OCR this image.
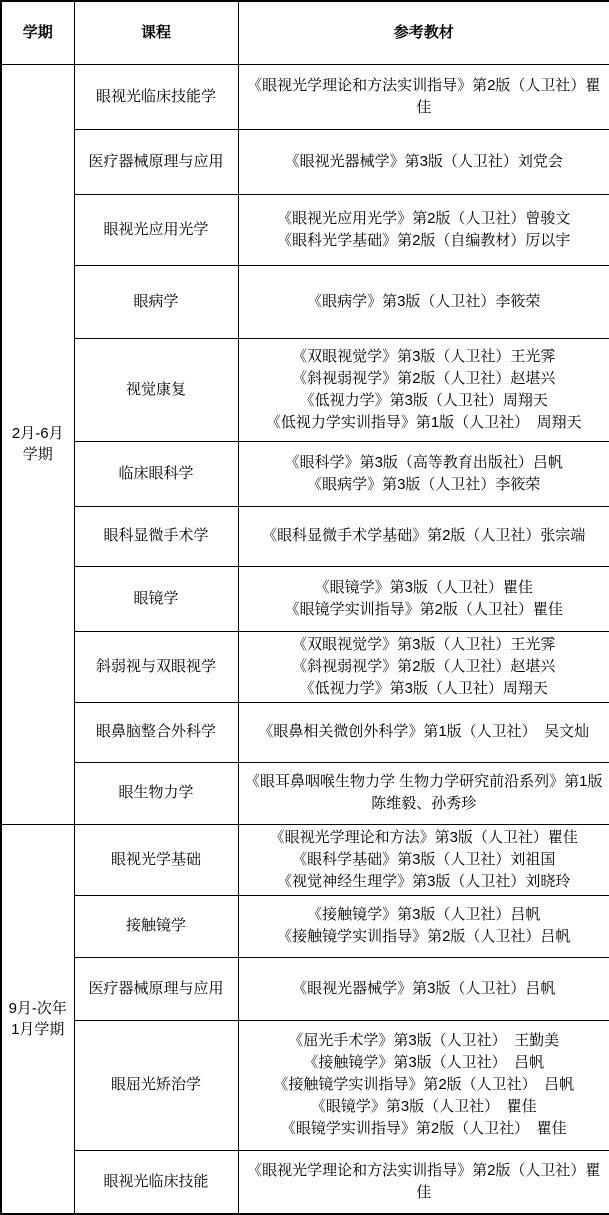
学期	课程	参考教材

2月-6月
学期	眼视光临床技能学	《眼视光学理论和方法实训指导》第2版（人卫社）瞿佳

	医疗器械原理与应用	《眼视光器械学》第3版（人卫社）刘党会

	眼视光应用光学	《眼视光应用光学》第2版（人卫社）曾骏文
《眼科光学基础》第2版（自编教材）厉以宇

	眼病学	《眼病学》第3版（人卫社）李筱荣

	视觉康复	《双眼视觉学》第3版（人卫社）王光霁
《斜视弱视学》第2版（人卫社）赵堪兴
《低视力学》第3版（人卫社）周翔天
《低视力学实训指导》第1版（人卫社）　周翔天

	临床眼科学	《眼科学》第3版（高等教育出版社）吕帆
《眼病学》第3版（人卫社）李筱荣

	眼科显微手术学	《眼科显微手术学基础》第2版（人卫社）张宗端

	眼镜学	《眼镜学》第3版（人卫社）瞿佳
《眼镜学实训指导》第2版（人卫社）瞿佳

	斜弱视与双眼视学	《双眼视觉学》第3版（人卫社）王光霁
《斜视弱视学》第2版（人卫社）赵堪兴
《低视力学》第3版（人卫社）周翔天

	眼鼻脑整合外科学	《眼鼻相关微创外科学》第1版（人卫社）　吴文灿

	眼生物力学	《眼耳鼻咽喉生物力学 生物力学研究前沿系列》第1版
陈维毅、孙秀珍

9月-次年
1月学期
	眼视光学基础	
《眼视光学理论和方法》第3版（人卫社）瞿佳
《眼科学基础》第3版（人卫社）刘祖国
《视觉神经生理学》第3版（人卫社）刘晓玲

	接触镜学	《接触镜学》第3版（人卫社）吕帆
《接触镜学实训指导》第2版（人卫社）吕帆

	医疗器械原理与应用	《眼视光器械学》第3版（人卫社）吕帆

	眼屈光矫治学	《屈光手术学》第3版（人卫社）　王勤美
《接触镜学》第3版（人卫社）　吕帆
《接触镜学实训指导》第2版（人卫社）　吕帆
《眼镜学》第3版（人卫社）　瞿佳
《眼镜学实训指导》第2版（人卫社）　瞿佳

	眼视光临床技能	《眼视光学理论和方法实训指导》第2版（人卫社）瞿佳
